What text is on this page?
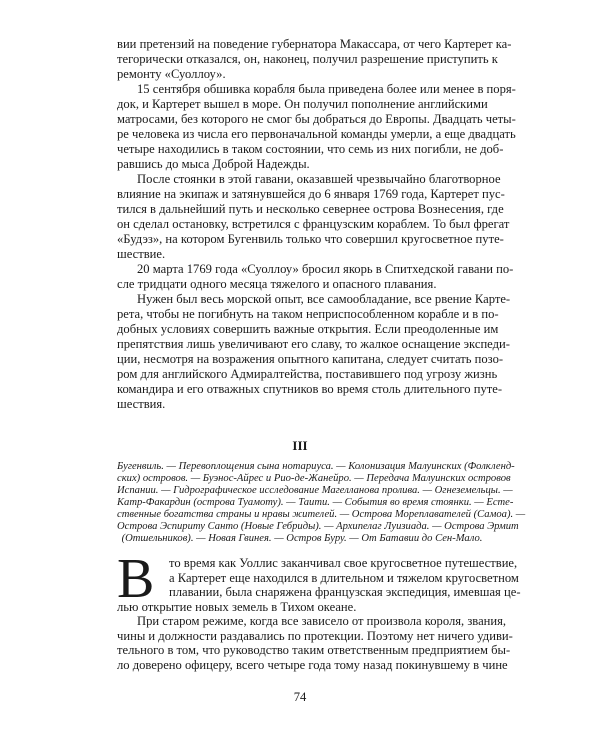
вии претензий на поведение губернатора Макассара, от чего Картерет ка-
тегорически отказался, он, наконец, получил разрешение приступить к
ремонту «Суоллоу».
15 сентября обшивка корабля была приведена более или менее в поря-
док, и Картерет вышел в море. Он получил пополнение английскими
матросами, без которого не смог бы добраться до Европы. Двадцать четы-
ре человека из числа его первоначальной команды умерли, а еще двадцать
четыре находились в таком состоянии, что семь из них погибли, не доб-
равшись до мыса Доброй Надежды.
После стоянки в этой гавани, оказавшей чрезвычайно благотворное
влияние на экипаж и затянувшейся до 6 января 1769 года, Картерет пус-
тился в дальнейший путь и несколько севернее острова Вознесения, где
он сделал остановку, встретился с французским кораблем. То был фрегат
«Будэз», на котором Бугенвиль только что совершил кругосветное путе-
шествие.
20 марта 1769 года «Суоллоу» бросил якорь в Спитхедской гавани по-
сле тридцати одного месяца тяжелого и опасного плавания.
Нужен был весь морской опыт, все самообладание, все рвение Карте-
рета, чтобы не погибнуть на таком неприспособленном корабле и в по-
добных условиях совершить важные открытия. Если преодоленные им
препятствия лишь увеличивают его славу, то жалкое оснащение экспеди-
ции, несмотря на возражения опытного капитана, следует считать позо-
ром для английского Адмиралтейства, поставившего под угрозу жизнь
командира и его отважных спутников во время столь длительного путе-
шествия.
III
Бугенвиль. — Перевоплощения сына нотариуса. — Колонизация Малуинских (Фолкленд-
ских) островов. — Буэнос-Айрес и Рио-де-Жанейро. — Передача Малуинских островов
Испании. — Гидрографическое исследование Магелланова пролива. — Огнеземельцы. —
Катр-Факардин (острова Туамоту). — Таити. — События во время стоянки. — Есте-
ственные богатства страны и нравы жителей. — Острова Мореплавателей (Самоа). —
Острова Эспириту Санто (Новые Гебриды). — Архипелаг Луизиада. — Острова Эрмит
(Отшельников). — Новая Гвинея. — Остров Буру. — От Батавии до Сен-Мало.
В	то время как Уоллис заканчивал свое кругосветное путешествие,
а Картерет еще находился в длительном и тяжелом кругосветном
плавании, была снаряжена французская экспедиция, имевшая це-
лью открытие новых земель в Тихом океане.
При старом режиме, когда все зависело от произвола короля, звания,
чины и должности раздавались по протекции. Поэтому нет ничего удиви-
тельного в том, что руководство таким ответственным предприятием бы-
ло доверено офицеру, всего четыре года тому назад покинувшему в чине
74
